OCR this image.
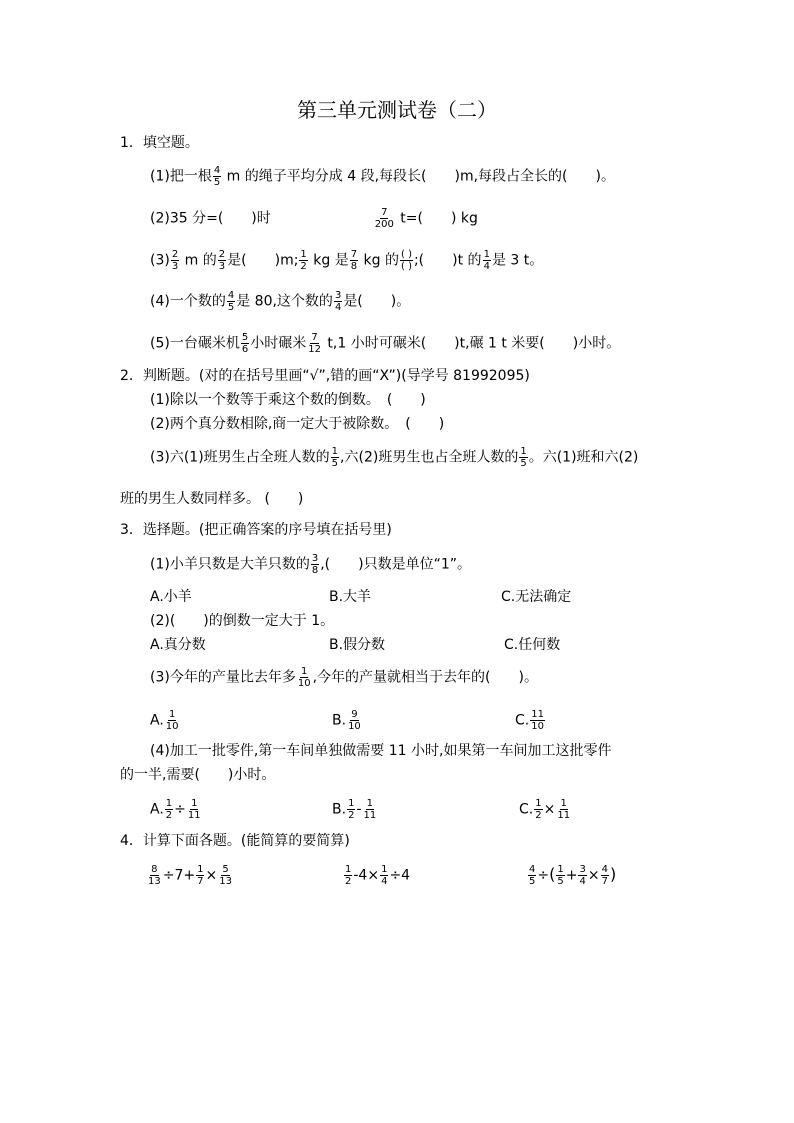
第三单元测试卷（二）
1．填空题。
(1)把一根 $\frac{4}{5}$ m 的绳子平均分成 4 段,每段长(　　)m,每段占全长的(　　)。
(2)35 分=(　　)时	$\frac{7}{200} t=$(　　) kg
$(3) \frac{2}{3}$ m 的 $\frac{2}{3}$ 是(　　)m; $\frac{1}{2}$ kg 是 $\frac{7}{8}$ kg 的 $\frac{( )}{( )}$ ;(　　)t 的 $\frac{1}{4}$ 是 3 t。
(4)一个数的 $\frac{4}{5}$ 是 80,这个数的 $\frac{3}{4}$ 是(　　)。
(5)一台碾米机 $\frac{5}{6}$ 小时碾米 $\frac{7}{12} t,1$ 小时可碾米(　　)t,碾 1 t 米要(　　)小时。
2．判断题。(对的在括号里画“√”,错的画“X”)(导学号 81992095)
(1)除以一个数等于乘这个数的倒数。　(　　)
(2)两个真分数相除,商一定大于被除数。　(　　)
(3)六(1)班男生占全班人数的 $\frac{1}{5}$ ,六(2)班男生也占全班人数的 $\frac{1}{5}$ 。六(1)班和六(2)
班的男生人数同样多。 (　　)
3．选择题。(把正确答案的序号填在括号里)
(1)小羊只数是大羊只数的 $\frac{3}{8}$ ,(　　)只数是单位“1”。
A.小羊	B.大羊	C.无法确定
(2)(　　)的倒数一定大于 1。
A.真分数	B.假分数	C.任何数
(3)今年的产量比去年多 $\frac{1}{10}$ ,今年的产量就相当于去年的(　　)。
A. $\frac{1}{10}$	B. $\frac{9}{10}$	C. $\frac{11}{10}$
(4)加工一批零件,第一车间单独做需要 11 小时,如果第一车间加工这批零件
的一半,需要(　　)小时。
A. $\frac{1}{2} \div \frac{1}{11}$	B. $\frac{1}{2} - \frac{1}{11}$	C. $\frac{1}{2} \times \frac{1}{11}$
4．计算下面各题。(能简算的要简算)
$\frac{8}{13} \div 7+ \frac{1}{7} \times \frac{5}{13}$	$\frac{1}{2} -4\times \frac{1}{4} \div 4$	$\frac{4}{5}$ ÷( $\frac{1}{5} + \frac{3}{4} \times \frac{4}{7}$ )
